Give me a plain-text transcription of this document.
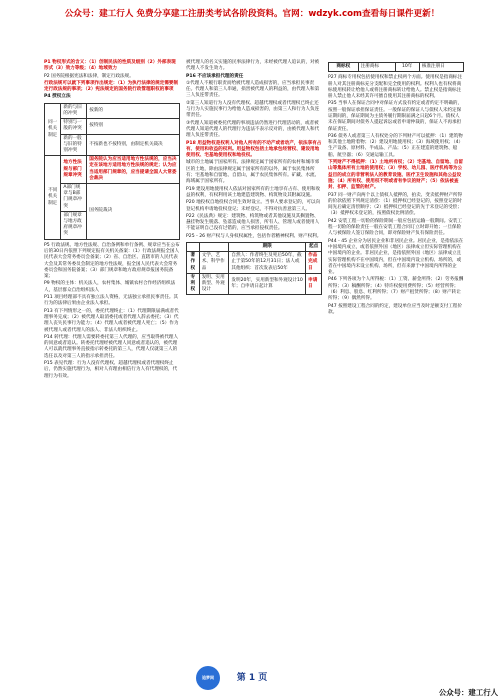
公众号：建工行人 免费分享建工注册类考试各阶段资料。官网：wdzyk.com查看每日课件更新！

P1 物权形式的含义：（1）创制民法的性质及级别（2）外部表现形式（3）效力等级；（4）地域效力

P2 国务院根据宪法和法律，制定行政法规。

行政法规可以就下列事项作出规定：（1）为执行法律的规定需要制定行政法规的事项；（2）宪法规定的国务院行政管理职权的事项

P4 授权立法

同一机关制定	新的与旧的冲突	按新的
	特别与一般的冲突	按特别
	新的一般与旧的特别冲突	不按新也不按特别，由制定机关裁决
不同机关制定	地方性法规与部门规章冲突	国务院认为应当适用地方性法规的，应当决定在该地方适用地方性法规的规定；认为应当适用部门规章的，应当提请全国人大常委会裁决
	A部门规章与B部门规章冲突	国务院裁决
	部门规章与地方政府规章冲突	

P5 行政法规、地方性法规、自治条例和单行条例、规章应当在公布后的30日内依照下列规定报有关机关备案：（1）行政法规报全国人民代表大会常务委员会备案；（2）省、自治区、直辖市的人民代表大会及其常务委员会制定的地方性法规，报全国人民代表大会常务委员会和国务院备案；（3）部门规章和地方政府规章报国务院备案；

P9 物权的主体：机关法人，农村集体、城镇农村合作经济组织法人，基层群众自治组织法人

P11 项目经理部不具有独立法人资格，无法独立承担民事责任。其行为的法律后果由企业法人承担。

P13 有下列情形之一的，委托代理终止：（1）代理期限届满或者代理事务完成；（2）被代理人取消委托或者代理人辞去委托；（3）代理人丧失民事行为能力；（4）代理人或者被代理人死亡；（5）作为被代理人或者代理人的法人、非法人组织终止。

P14 转代理：代理人需要转委托第三人代理的，应当取得被代理人的同意或者追认。转委托代理经被代理人同意或者追认的，被代理人可以就代理事务直接指示转委托的第三人，代理人仅就第三人的选任以及对第三人的指示承担责任。

P15 表见代理：行为人没有代理权、超越代理权或者代理权终止后，仍然实施代理行为，相对人有理由相信行为人有代理权的，代理行为有效。

被代理人的名义实施的民事法律行为，未经被代理人追认的，对被代理人不发生效力。

P16 不应该承担代理的责任

①代理人不履行职责而给被代理人造成损害的，应当承担民事责任。代理人和第三人串通，损害被代理人的利益的，由代理人和第三人负连带责任。

②第三人知道行为人没有代理权、超越代理权或者代理权已终止还与行为人实施民事行为给他人造成损害的，由第三人和行为人负连带责任。

③代理人知道被委托代理的事项违法仍然进行代理活动的，或者被代理人知道代理人的代理行为违法不表示反对的，由被代理人和代理人负连带责任。

P18 用益物权是权利人对他人所有的不动产或者动产，依法享有占有、使用和收益的权利。用益物权包括土地承包经营权、建设用地使用权、宅基地使用权和地役权。

城市的土地属于国家所有。法律规定属于国家所有的农村和城市郊区的土地，除由法律规定属于国家所有的以外，属于农民集体所有；宅基地和自留地、自留山，属于农民集体所有。矿藏、水流、海域属于国家所有。

P19 建设用地使用权人依法对国家所有的土地享有占有、使用和收益的权利，有权利用该土地建造建筑物、构筑物及其附属设施。

P20 地役权自地役权合同生效时设立。当事人要求登记的，可以向登记机构申请地役权登记；未经登记，不得对抗善意第三人。

P22《民法典》规定：建筑物、构筑物或者其他设施及其搁置物、悬挂物发生脱落、坠落造成他人损害，所有人、管理人或者使用人不能证明自己没有过错的，应当承担侵权责任。

P25 - 26 财产权与人身权权属性，包括作者精神权利、财产权利。

		期限	起点
著作权	文学、艺术、科学作品	自然人：作者终生及死后50年，截止于第50年的12月31日；法人或其他组织：首次发表后50年	作品完成日
专利权	发明、实用新型、外观设计	发明20年，实用新型和外观设计10年；自申请日起计算	申请日
商标权	注册商标	10年	核准注册日

P27 商标专用权包括使用权和禁止权两个方面。使用权是指商标注册人对其注册商标充分支配和完全使用的权利。权利人也有权将商标使用权转让给他人或将注册商标转让给他人。禁止权是指商标注册人禁止他人未经其许可擅自使用其注册商标的权利。

P35 当事人在保证合同中对保证方式没有约定或者约定不明确的，按照一般保证承担保证责任。一般保证的保证人与债权人未约定保证期间的，保证期间为主债务履行期限届满之日起6个月。债权人未在保证期间对债务人提起诉讼或者申请仲裁的，保证人不再承担保证责任。

P36 债务人或者第三人有权处分的下列财产可以抵押：（1）建筑物和其他土地附着物；（2）建设用地使用权；（3）海域使用权；（4）生产设备、原材料、半成品、产品；（5）正在建造的建筑物、船舶、航空器；（6）交通运输工具。

下列财产不得抵押：（1）土地所有权；（2）宅基地、自留地、自留山等集体所有土地的使用权；（3）学校、幼儿园、医疗机构等为公益目的成立的非营利法人的教育设施、医疗卫生设施和其他公益设施；（4）所有权、使用权不明或者有争议的财产；（5）依法被查封、扣押、监管的财产。

P37 同一财产向两个以上债权人抵押的，拍卖、变卖抵押财产所得的价款依照下列规定清偿：（1）抵押权已经登记的，按照登记的时间先后确定清偿顺序；（2）抵押权已经登记的先于未登记的受偿；（3）抵押权未登记的，按照债权比例清偿。

P42 安装工程一切险的保险期间一般应包括运输一般期间。安装工程一切险的保险责任一般在安装工程合同订立时即开始；一旦保险人与被保险人签订保险合同，即对保险财产负有保险责任。

P44 - 45 企业分为居民企业和非居民企业。居民企业，是指依法在中国境内成立，或者依照外国（地区）法律成立但实际管理机构在中国境内的企业。非居民企业，是指依照外国（地区）法律成立且实际管理机构不在中国境内，但在中国境内设立机构、场所的，或者在中国境内未设立机构、场所，但有来源于中国境内所得的企业。

P46 下列各项为个人所得税：（1）工资、薪金所得；（2）劳务报酬所得；（3）稿酬所得；（4）特许权使用费所得；（5）经营所得；（6）利息、股息、红利所得；（7）财产租赁所得；（8）财产转让所得；（9）偶然所得。

P47 按照建设工程合同的约定，建设单位应当及时足额支付工程价款。

追梦网	第 1 页
公众号：建工行人
